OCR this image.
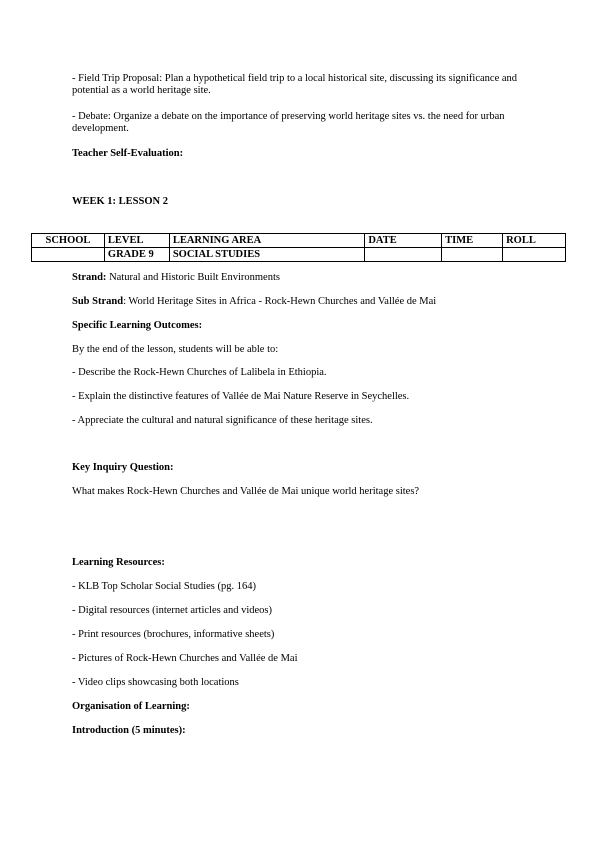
- Field Trip Proposal: Plan a hypothetical field trip to a local historical site, discussing its significance and potential as a world heritage site.

- Debate: Organize a debate on the importance of preserving world heritage sites vs. the need for urban development.

Teacher Self-Evaluation:

WEEK 1: LESSON 2

SCHOOL	LEVEL	LEARNING AREA	DATE	TIME	ROLL
	GRADE 9	SOCIAL STUDIES			

Strand: Natural and Historic Built Environments

Sub Strand: World Heritage Sites in Africa - Rock-Hewn Churches and Vallée de Mai

Specific Learning Outcomes:

By the end of the lesson, students will be able to:

- Describe the Rock-Hewn Churches of Lalibela in Ethiopia.

- Explain the distinctive features of Vallée de Mai Nature Reserve in Seychelles.

- Appreciate the cultural and natural significance of these heritage sites.

Key Inquiry Question:

What makes Rock-Hewn Churches and Vallée de Mai unique world heritage sites?

Learning Resources:

- KLB Top Scholar Social Studies (pg. 164)

- Digital resources (internet articles and videos)

- Print resources (brochures, informative sheets)

- Pictures of Rock-Hewn Churches and Vallée de Mai

- Video clips showcasing both locations

Organisation of Learning:

Introduction (5 minutes):
